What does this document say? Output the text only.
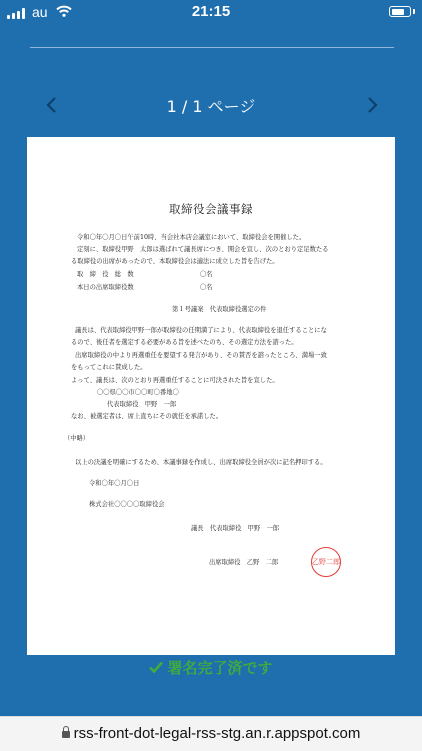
au	21:15
1 / 1 ページ
取締役会議事録
令和〇年〇月〇日午前10時、当会社本店会議室において、取締役会を開催した。
定刻に、取締役甲野　太郎は選ばれて議長席につき、開会を宣し、次のとおり定足数たる
る取締役の出席があったので、本取締役会は適法に成立した旨を告げた。
取　締　役　総　数	〇名
本日の出席取締役数	〇名
第１号議案　代表取締役選定の件
議長は、代表取締役甲野一郎が取締役の任期満了により、代表取締役を退任することにな
るので、後任者を選定する必要がある旨を述べたのち、その選定方法を諮った。
出席取締役の中より再選重任を要望する発言があり、その賛否を諮ったところ、満場一致
をもってこれに賛成した。
よって、議長は、次のとおり再選重任することに可決された旨を宣した。
〇〇県〇〇市〇〇町〇番地〇
代表取締役　甲野　一郎
なお、被選定者は、席上直ちにその就任を承諾した。
（中略）
以上の決議を明確にするため、本議事録を作成し、出席取締役全員が次に記名押印する。
令和〇年〇月〇日
株式会社〇〇〇〇取締役会
議長　代表取締役　甲野　一郎
出席取締役　乙野　二郎	乙野二郎
署名完了済です
rss-front-dot-legal-rss-stg.an.r.appspot.com
